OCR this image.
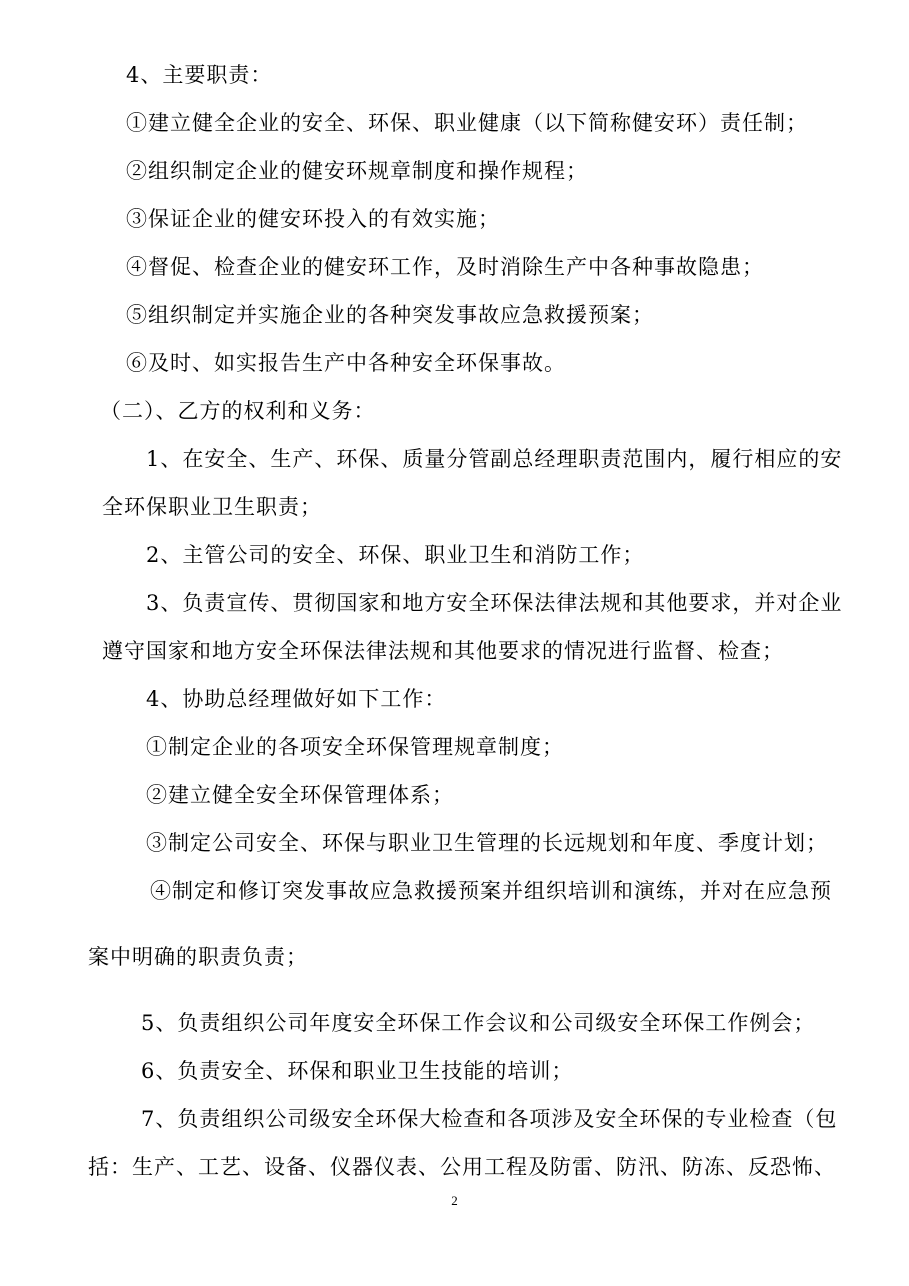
4、主要职责：

①建立健全企业的安全、环保、职业健康（以下简称健安环）责任制；

②组织制定企业的健安环规章制度和操作规程；

③保证企业的健安环投入的有效实施；

④督促、检查企业的健安环工作，及时消除生产中各种事故隐患；

⑤组织制定并实施企业的各种突发事故应急救援预案；

⑥及时、如实报告生产中各种安全环保事故。

（二）、乙方的权利和义务：

1、在安全、生产、环保、质量分管副总经理职责范围内，履行相应的安

全环保职业卫生职责；

2、主管公司的安全、环保、职业卫生和消防工作；

3、负责宣传、贯彻国家和地方安全环保法律法规和其他要求，并对企业

遵守国家和地方安全环保法律法规和其他要求的情况进行监督、检查；

4、协助总经理做好如下工作：

①制定企业的各项安全环保管理规章制度；

②建立健全安全环保管理体系；

③制定公司安全、环保与职业卫生管理的长远规划和年度、季度计划；

④制定和修订突发事故应急救援预案并组织培训和演练，并对在应急预

案中明确的职责负责；

5、负责组织公司年度安全环保工作会议和公司级安全环保工作例会；

6、负责安全、环保和职业卫生技能的培训；

7、负责组织公司级安全环保大检查和各项涉及安全环保的专业检查（包

括：生产、工艺、设备、仪器仪表、公用工程及防雷、防汛、防冻、反恐怖、

2
